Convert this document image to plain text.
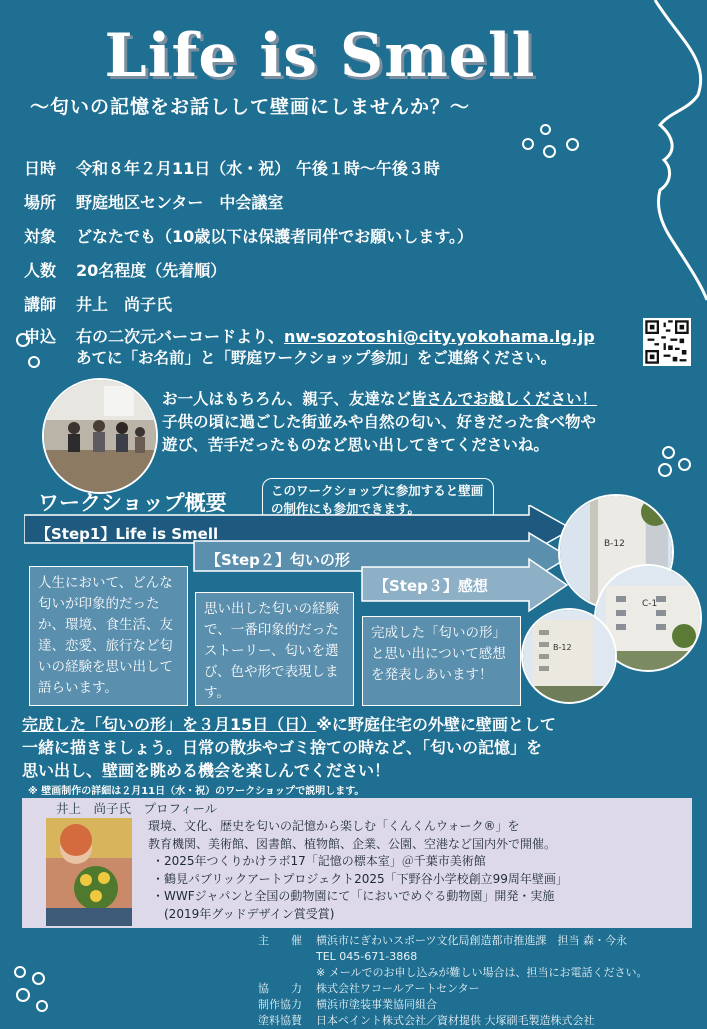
Life is Smell
～匂いの記憶をお話しして壁画にしませんか？～
日時 令和８年２月11日（水・祝） 午後１時～午後３時
場所 野庭地区センター　中会議室
対象 どなたでも（10歳以下は保護者同伴でお願いします。）
人数 20名程度（先着順）
講師 井上　尚子氏
申込 右の二次元バーコードより、nw-sozotoshi@city.yokohama.lg.jp
あてに「お名前」と「野庭ワークショップ参加」をご連絡ください。
お一人はもちろん、親子、友達など皆さんでお越しください！
子供の頃に過ごした街並みや自然の匂い、好きだった食べ物や
遊び、苦手だったものなど思い出してきてくださいね。
ワークショップ概要
このワークショップに参加すると壁画の制作にも参加できます。
【Step1】Life is Smell
【Step２】匂いの形
【Step３】感想
人生において、どんな匂いが印象的だったか、環境、食生活、友達、恋愛、旅行など匂いの経験を思い出して語らいます。
思い出した匂いの経験で、一番印象的だったストーリー、匂いを選び、色や形で表現します。
完成した「匂いの形」と思い出について感想を発表しあいます！
B-12
C-1
B-12
完成した「匂いの形」を３月15日（日）※に野庭住宅の外壁に壁画として
一緒に描きましょう。日常の散歩やゴミ捨ての時など、「匂いの記憶」を
思い出し、壁画を眺める機会を楽しんでください！
※ 壁画制作の詳細は２月11日（水・祝）のワークショップで説明します。
井上　尚子氏　プロフィール
環境、文化、歴史を匂いの記憶から楽しむ「くんくんウォーク®」を
教育機関、美術館、図書館、植物館、企業、公園、空港など国内外で開催。
・2025年つくりかけラボ17「記憶の標本室」＠千葉市美術館
・鶴見パブリックアートプロジェクト2025「下野谷小学校創立99周年壁画」
・WWFジャパンと全国の動物園にて「においでめぐる動物園」開発・実施
　(2019年グッドデザイン賞受賞)
主　　催 横浜市にぎわいスポーツ文化局創造都市推進課　担当 森・今永
TEL 045-671-3868
※ メールでのお申し込みが難しい場合は、担当にお電話ください。
協　　力 株式会社ワコールアートセンター
制作協力 横浜市塗装事業協同組合
塗料協賛 日本ペイント株式会社／資材提供 大塚刷毛製造株式会社
